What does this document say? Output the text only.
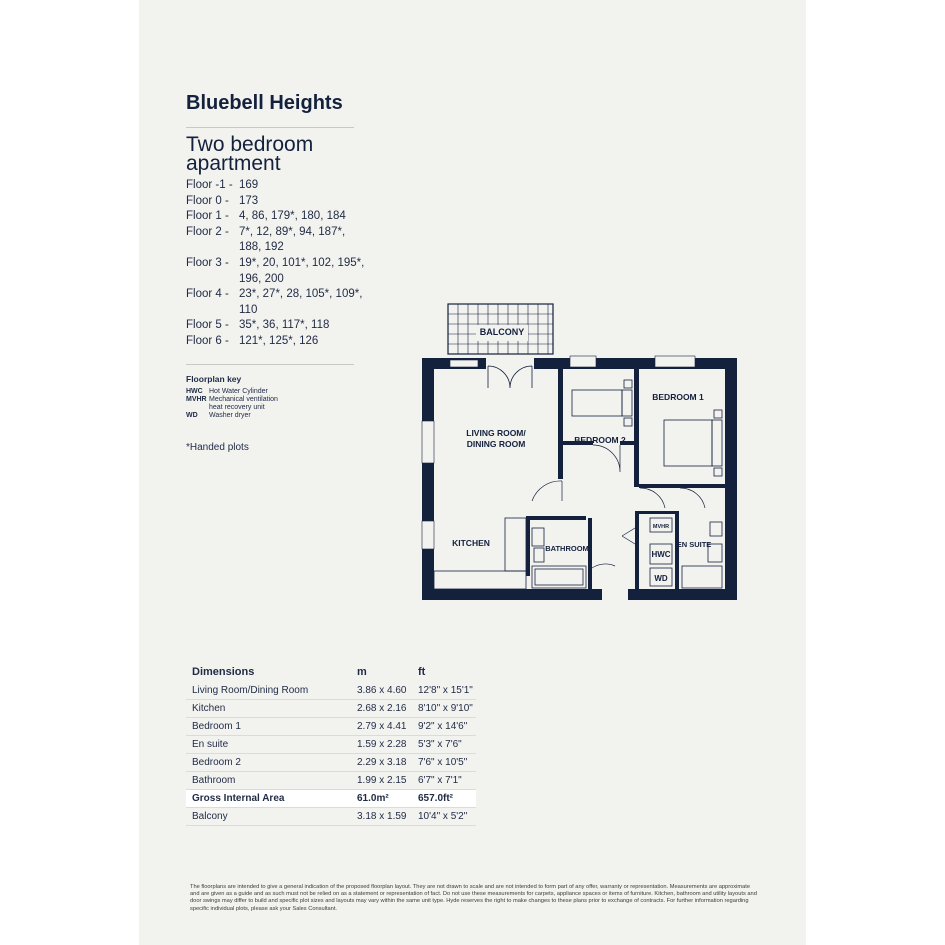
Bluebell Heights
Two bedroom apartment
Floor -1 - 169
Floor 0 - 173
Floor 1 - 4, 86, 179*, 180, 184
Floor 2 - 7*, 12, 89*, 94, 187*, 188, 192
Floor 3 - 19*, 20, 101*, 102, 195*, 196, 200
Floor 4 - 23*, 27*, 28, 105*, 109*, 110
Floor 5 - 35*, 36, 117*, 118
Floor 6 - 121*, 125*, 126
Floorplan key
HWC Hot Water Cylinder
MVHR Mechanical ventilation heat recovery unit
WD	Washer dryer
*Handed plots
BALCONY
LIVING ROOM/
DINING ROOM
KITCHEN
BEDROOM 2
BEDROOM 1
BATHROOM	EN SUITE
MVHR
HWC
WD
Dimensions	m	ft
Living Room/Dining Room	3.86 x 4.60	12'8" x 15'1"
Kitchen	2.68 x 2.16	8'10" x 9'10"
Bedroom 1	2.79 x 4.41	9'2" x 14'6"
En suite	1.59 x 2.28	5'3" x 7'6"
Bedroom 2	2.29 x 3.18	7'6" x 10'5"
Bathroom	1.99 x 2.15	6'7" x 7'1"
Gross Internal Area	61.0m²	657.0ft²
Balcony	3.18 x 1.59	10'4" x 5'2"
The floorplans are intended to give a general indication of the proposed floorplan layout. They are not drawn to scale and are not intended to form part of any offer, warranty or representation. Measurements are approximate and are given as a guide and as such must not be relied on as a statement or representation of fact. Do not use these measurements for carpets, appliance spaces or items of furniture. Kitchen, bathroom and utility layouts and door swings may differ to build and specific plot sizes and layouts may vary within the same unit type. Hyde reserves the right to make changes to these plans prior to exchange of contracts. For further information regarding specific individual plots, please ask your Sales Consultant.
